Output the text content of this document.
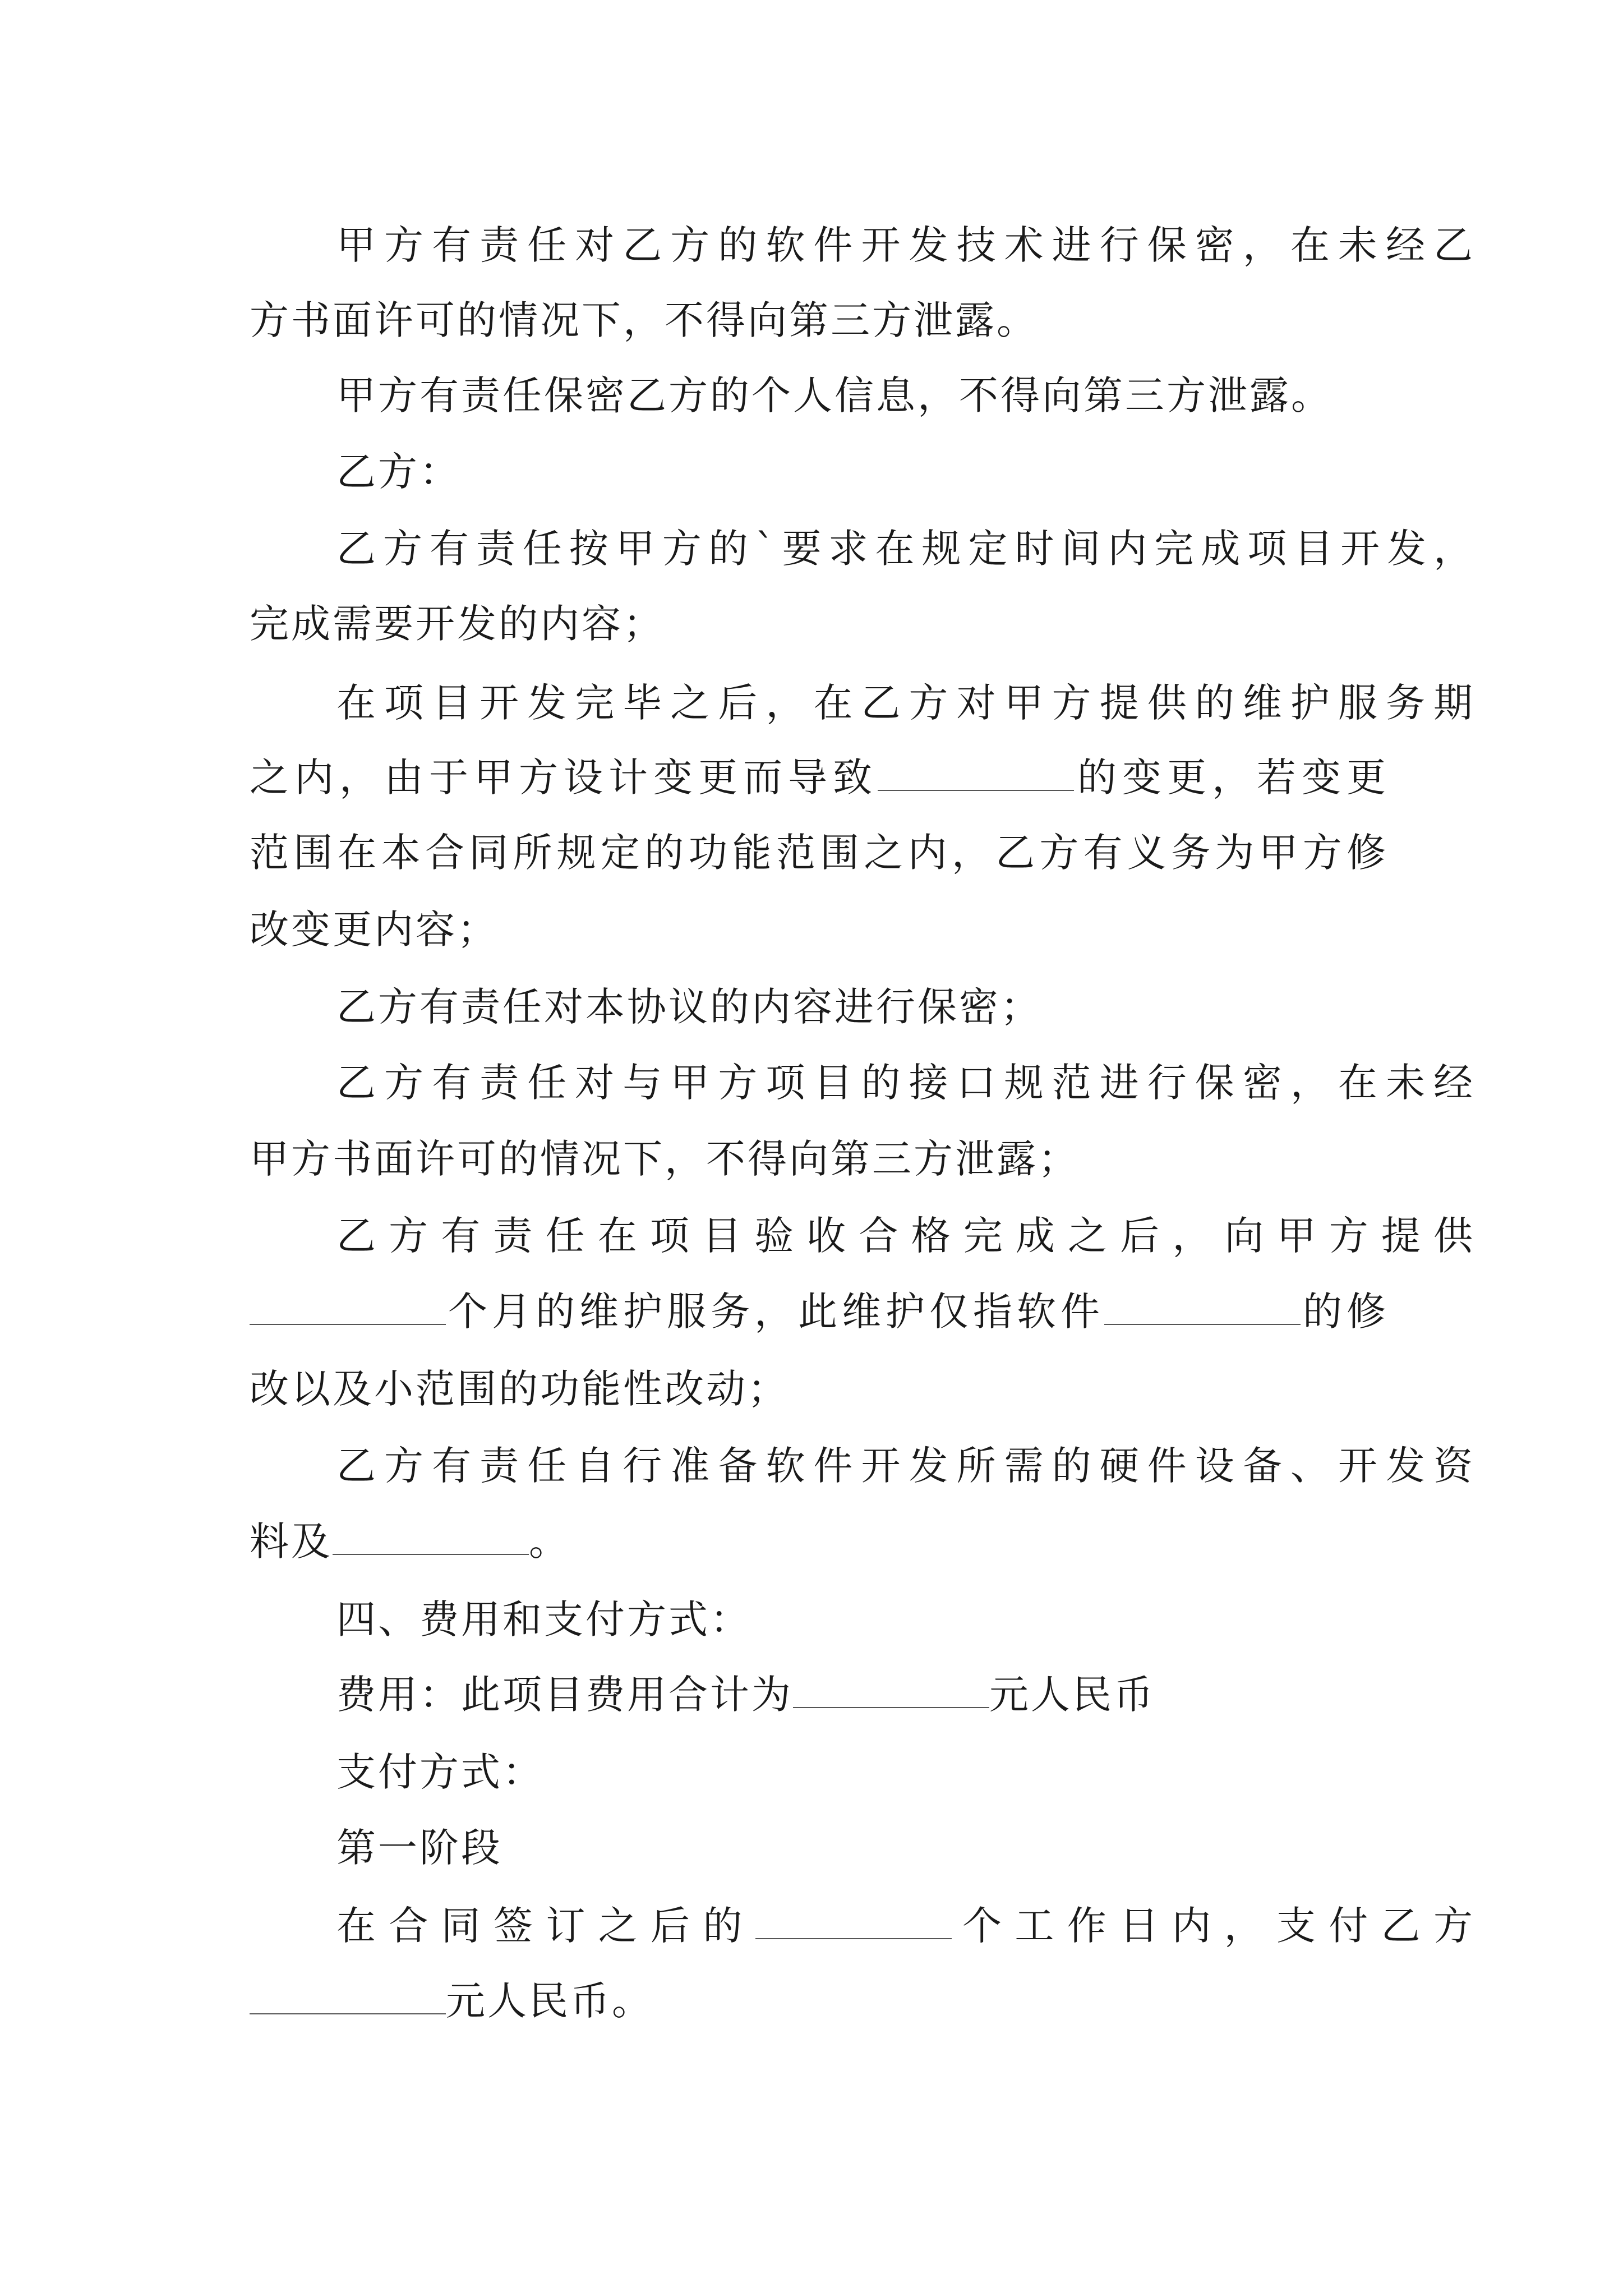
甲方有责任对乙方的软件开发技术进行保密，在未经乙
方书面许可的情况下，不得向第三方泄露。
甲方有责任保密乙方的个人信息，不得向第三方泄露。
乙方：
乙方有责任按甲方的`要求在规定时间内完成项目开发，
完成需要开发的内容；
在项目开发完毕之后，在乙方对甲方提供的维护服务期
之内，由于甲方设计变更而导致	的变更，若变更
范围在本合同所规定的功能范围之内，乙方有义务为甲方修
改变更内容；
乙方有责任对本协议的内容进行保密；
乙方有责任对与甲方项目的接口规范进行保密，在未经
甲方书面许可的情况下，不得向第三方泄露；
乙方有责任在项目验收合格完成之后，向甲方提供
个月的维护服务，此维护仅指软件	的修
改以及小范围的功能性改动；
乙方有责任自行准备软件开发所需的硬件设备、开发资
料及	。
四、费用和支付方式：
费用：此项目费用合计为	元人民币
支付方式：
第一阶段
在合同签订之后的	个工作日内，支付乙方
元人民币。
